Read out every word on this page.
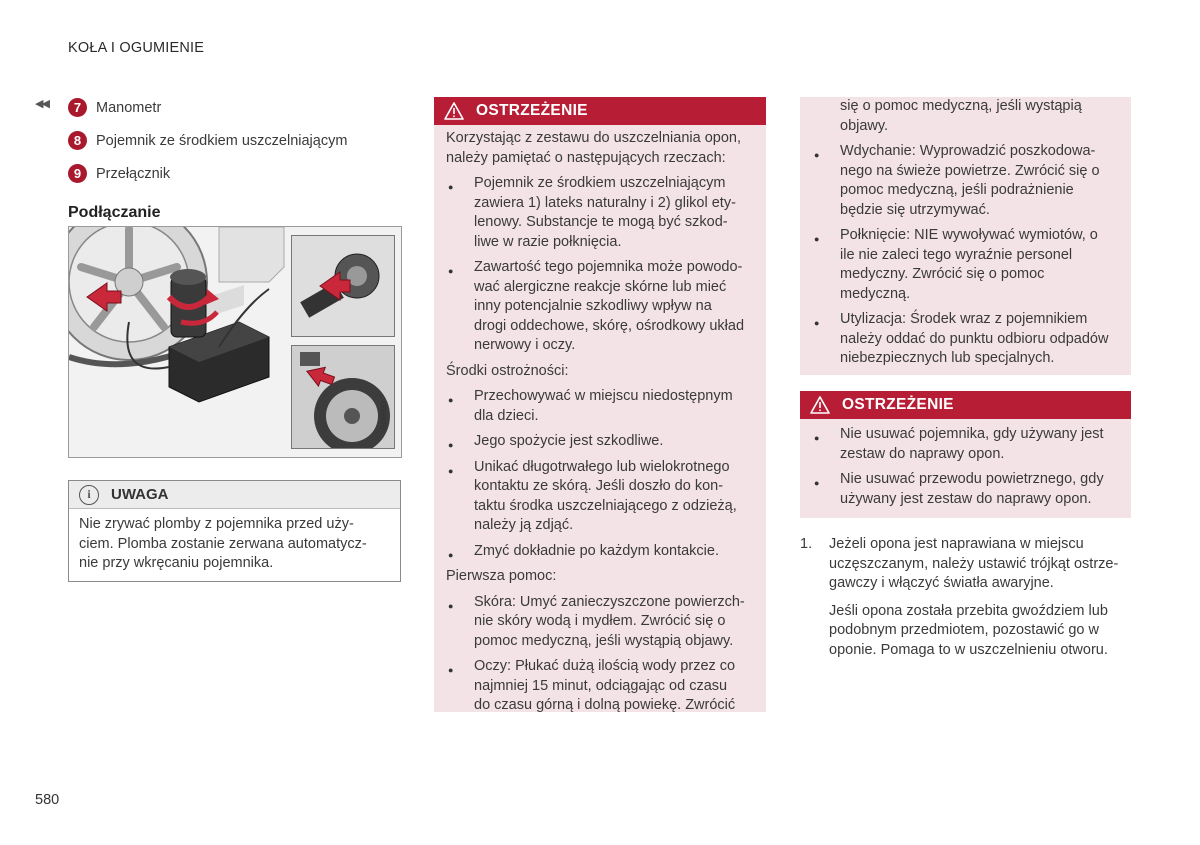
KOŁA I OGUMIENIE
◀◀	7	Manometr
8	Pojemnik ze środkiem uszczelniającym
9	Przełącznik
Podłączanie
G069883
i	UWAGA
Nie zrywać plomby z pojemnika przed uży-
ciem. Plomba zostanie zerwana automatycz-
nie przy wkręcaniu pojemnika.
OSTRZEŻENIE

Korzystając z zestawu do uszczelniania opon,
należy pamiętać o następujących rzeczach:

● Pojemnik ze środkiem uszczelniającym
zawiera 1) lateks naturalny i 2) glikol ety-
lenowy. Substancje te mogą być szkod-
liwe w razie połknięcia.
● Zawartość tego pojemnika może powodo-
wać alergiczne reakcje skórne lub mieć
inny potencjalnie szkodliwy wpływ na
drogi oddechowe, skórę, ośrodkowy układ
nerwowy i oczy.

Środki ostrożności:

● Przechowywać w miejscu niedostępnym
dla dzieci.
● Jego spożycie jest szkodliwe.
● Unikać długotrwałego lub wielokrotnego
kontaktu ze skórą. Jeśli doszło do kon-
taktu środka uszczelniającego z odzieżą,
należy ją zdjąć.
● Zmyć dokładnie po każdym kontakcie.

Pierwsza pomoc:

● Skóra: Umyć zanieczyszczone powierzch-
nie skóry wodą i mydłem. Zwrócić się o
pomoc medyczną, jeśli wystąpią objawy.
● Oczy: Płukać dużą ilością wody przez co
najmniej 15 minut, odciągając od czasu
do czasu górną i dolną powiekę. Zwrócić
się o pomoc medyczną, jeśli wystąpią
objawy.
● Wdychanie: Wyprowadzić poszkodowa-
nego na świeże powietrze. Zwrócić się o
pomoc medyczną, jeśli podrażnienie
będzie się utrzymywać.
● Połknięcie: NIE wywoływać wymiotów, o
ile nie zaleci tego wyraźnie personel
medyczny. Zwrócić się o pomoc
medyczną.
● Utylizacja: Środek wraz z pojemnikiem
należy oddać do punktu odbioru odpadów
niebezpiecznych lub specjalnych.
OSTRZEŻENIE
● Nie usuwać pojemnika, gdy używany jest
zestaw do naprawy opon.
● Nie usuwać przewodu powietrznego, gdy
używany jest zestaw do naprawy opon.
1. Jeżeli opona jest naprawiana w miejscu
uczęszczanym, należy ustawić trójkąt ostrze-
gawczy i włączyć światła awaryjne.
Jeśli opona została przebita gwoździem lub
podobnym przedmiotem, pozostawić go w
oponie. Pomaga to w uszczelnieniu otworu.
580
